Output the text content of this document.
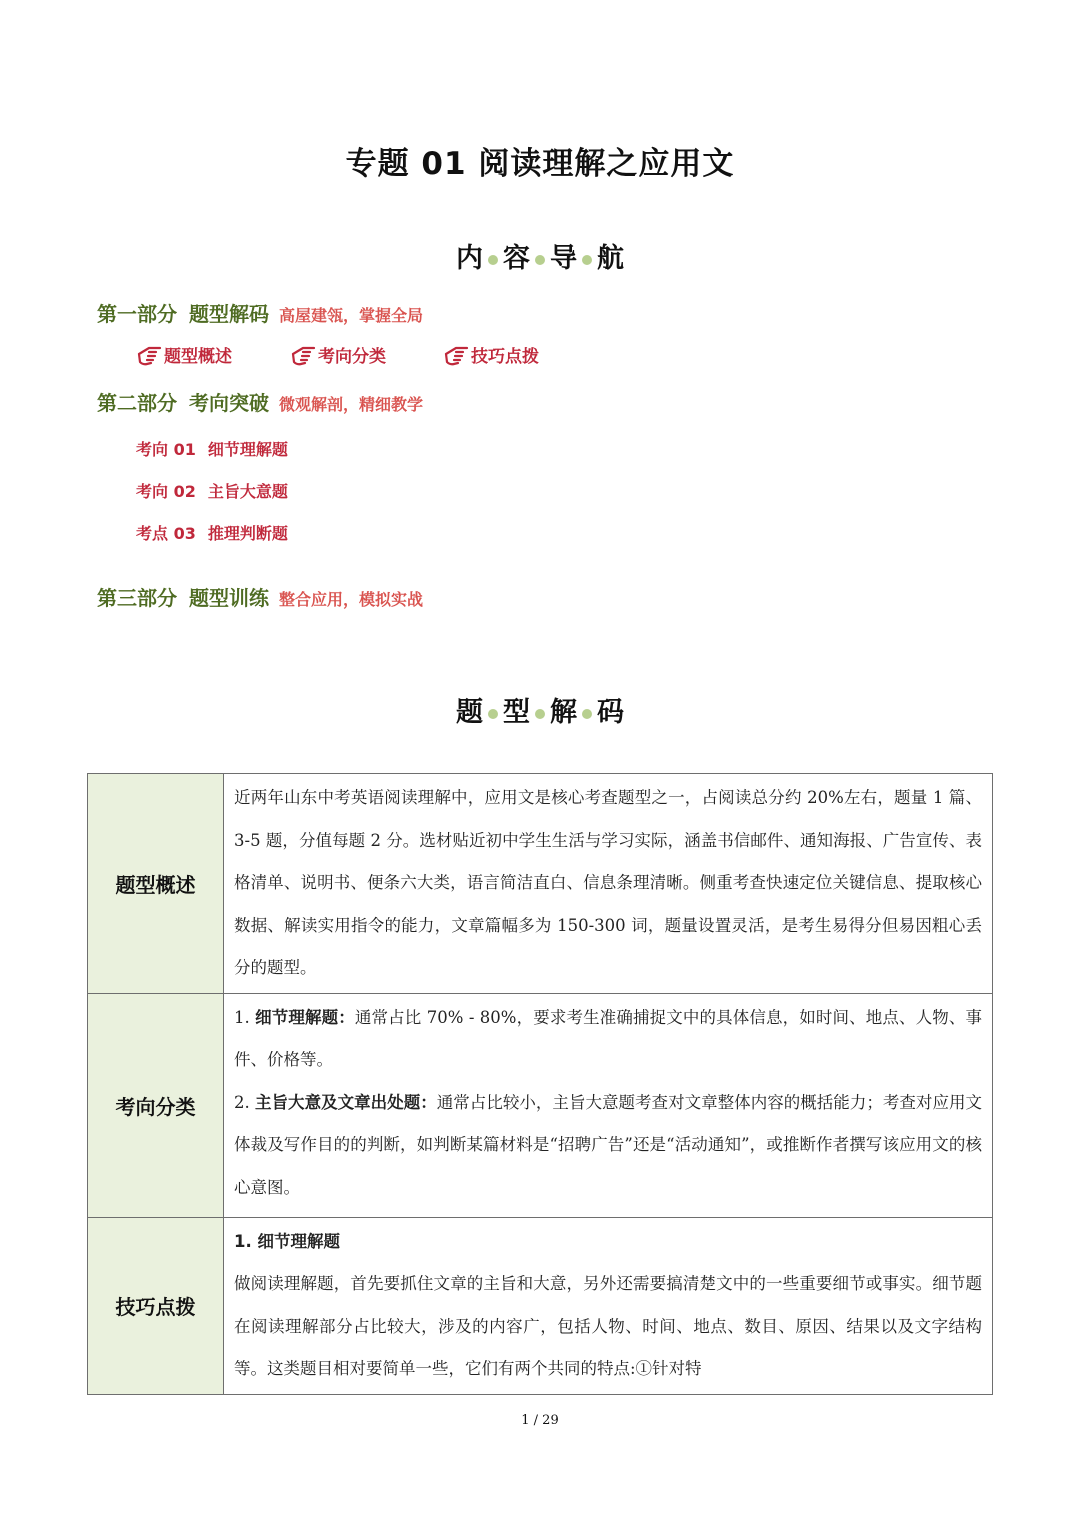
专题 01 阅读理解之应用文
内 容 导 航
第一部分 题型解码 高屋建瓴，掌握全局
题型概述	考向分类	技巧点拨
第二部分 考向突破 微观解剖，精细教学
考向 01 细节理解题
考向 02 主旨大意题
考点 03 推理判断题
第三部分 题型训练 整合应用，模拟实战
题 型 解 码
题型概述	近两年山东中考英语阅读理解中，应用文是核心考查题型之一，占阅读总分约 20%左右，题量 1 篇、3-5 题，分值每题 2 分。选材贴近初中学生生活与学习实际，涵盖书信邮件、通知海报、广告宣传、表格清单、说明书、便条六大类，语言简洁直白、信息条理清晰。侧重考查快速定位关键信息、提取核心数据、解读实用指令的能力，文章篇幅多为 150-300 词，题量设置灵活，是考生易得分但易因粗心丢分的题型。
考向分类	1. 细节理解题：通常占比 70% - 80%，要求考生准确捕捉文中的具体信息，如时间、地点、人物、事件、价格等。
2. 主旨大意及文章出处题：通常占比较小，主旨大意题考查对文章整体内容的概括能力；考查对应用文体裁及写作目的的判断，如判断某篇材料是“招聘广告”还是“活动通知”，或推断作者撰写该应用文的核心意图。

技巧点拨	1. 细节理解题
做阅读理解题，首先要抓住文章的主旨和大意，另外还需要搞清楚文中的一些重要细节或事实。细节题在阅读理解部分占比较大，涉及的内容广，包括人物、时间、地点、数目、原因、结果以及文字结构等。这类题目相对要简单一些，它们有两个共同的特点:①针对特
1 / 29
